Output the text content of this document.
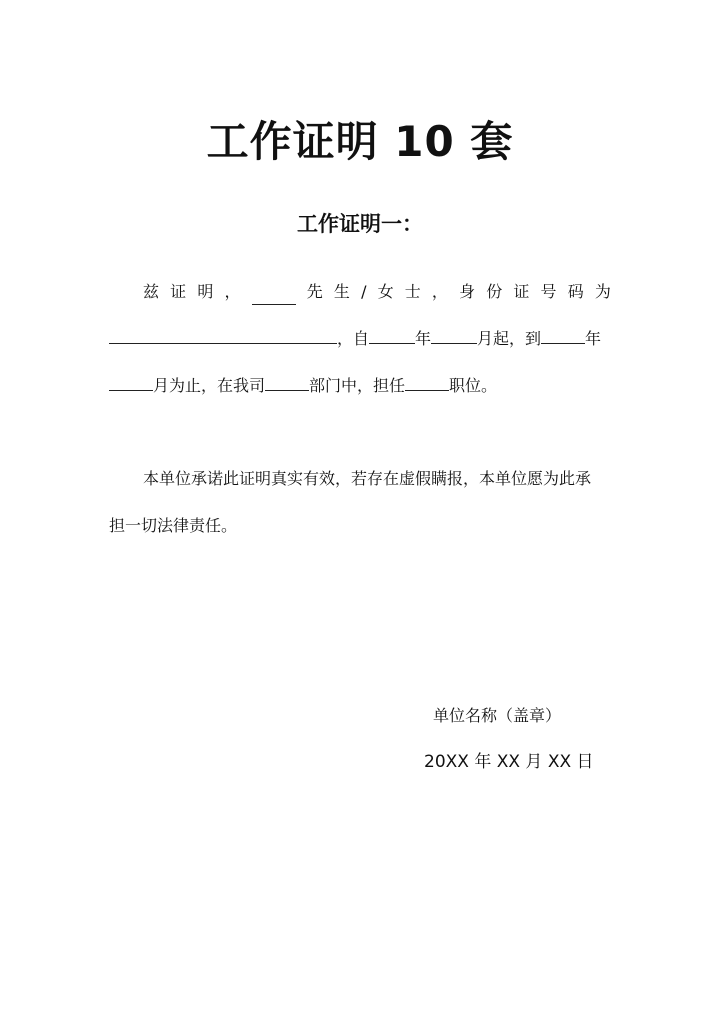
工作证明 10 套
工作证明一：
兹 证 明 ，	先 生 / 女 士 ， 身 份 证 号 码 为
，自	年	月起，到	年
月为止，在我司	部门中，担任	职位。
本单位承诺此证明真实有效，若存在虚假瞒报，本单位愿为此承
担一切法律责任。
单位名称（盖章）
20XX 年 XX 月 XX 日
